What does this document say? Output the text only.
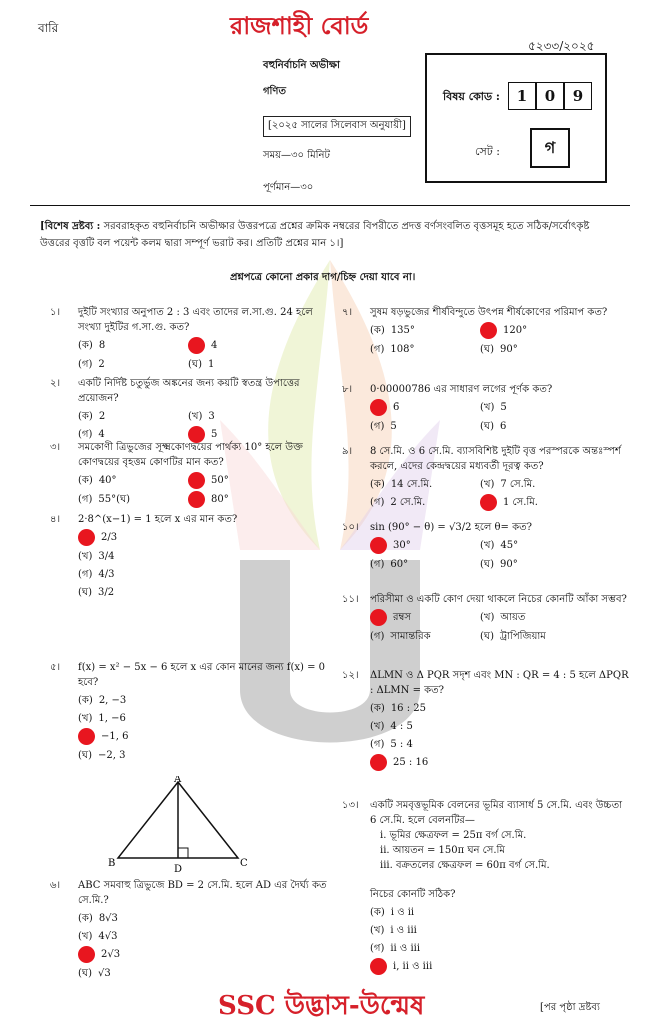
বারি	রাজশাহী বোর্ড
৫২৩৩/২০২৫
বহুনির্বাচনি অভীক্ষা
গণিত
[২০২৫ সালের সিলেবাস অনুযায়ী]
সময়—৩০ মিনিট
পূর্ণমান—৩০
বিষয় কোড :	1	0	9
সেট :	গ
[বিশেষ দ্রষ্টব্য : সরবরাহকৃত বহুনির্বাচনি অভীক্ষার উত্তরপত্রে প্রশ্নের ক্রমিক নম্বরের বিপরীতে প্রদত্ত বর্ণসংবলিত বৃত্তসমূহ হতে সঠিক/সর্বোৎকৃষ্ট উত্তরের বৃত্তটি বল পয়েন্ট কলম দ্বারা সম্পূর্ণ ভরাট কর। প্রতিটি প্রশ্নের মান ১।]
প্রশ্নপত্রে কোনো প্রকার দাগ/চিহ্ন দেয়া যাবে না।
১। দুইটি সংখ্যার অনুপাত 2 : 3 এবং তাদের ল.সা.গু. 24 হলে সংখ্যা দুইটির গ.সা.গু. কত?
(ক) 8	4
(গ) 2	(ঘ) 1
২। একটি নির্দিষ্ট চতুর্ভুজ অঙ্কনের জন্য কয়টি স্বতন্ত্র উপাত্তের প্রয়োজন?
(ক) 2	(খ) 3
(গ) 4	5
৩। সমকোণী ত্রিভুজের সূক্ষ্মকোণদ্বয়ের পার্থক্য 10° হলে উক্ত কোণদ্বয়ের বৃহত্তম কোণটির মান কত?
(ক) 40°	50°
(গ) 55°(ঘ)	80°
৪। 2·8^(x−1) = 1 হলে x এর মান কত?
2/3
(খ) 3/4
(গ) 4/3
(ঘ) 3/2
৫। f(x) = x² − 5x − 6 হলে x এর কোন মানের জন্য f(x) = 0 হবে?
(ক) 2, −3
(খ) 1, −6
−1, 6
(ঘ) −2, 3
৬। ABC সমবাহু ত্রিভুজে BD = 2 সে.মি. হলে AD এর দৈর্ঘ্য কত সে.মি.?
(ক) 8√3
(খ) 4√3
2√3
(ঘ) √3
৭। সুষম ষড়ভুজের শীর্ষবিন্দুতে উৎপন্ন শীর্ষকোণের পরিমাপ কত?
(ক) 135°	120°
(গ) 108°	(ঘ) 90°
৮। 0·00000786 এর সাধারণ লগের পূর্ণক কত?
6̄	(খ) 5̄
(গ) 5	(ঘ) 6
৯। 8 সে.মি. ও 6 সে.মি. ব্যাসবিশিষ্ট দুইটি বৃত্ত পরস্পরকে অন্তঃস্পর্শ করলে, এদের কেন্দ্রদ্বয়ের মধ্যবর্তী দূরত্ব কত?
(ক) 14 সে.মি.	(খ) 7 সে.মি.
(গ) 2 সে.মি.	1 সে.মি.
১০। sin (90° − θ) = √3/2 হলে θ= কত?
30°	(খ) 45°
(গ) 60°	(ঘ) 90°
১১। পরিসীমা ও একটি কোণ দেয়া থাকলে নিচের কোনটি আঁকা সম্ভব?
রম্বস	(খ) আয়ত
(গ) সামান্তরিক	(ঘ) ট্রাপিজিয়াম
১২। ΔLMN ও Δ PQR সদৃশ এবং MN : QR = 4 : 5 হলে ΔPQR : ΔLMN = কত?
(ক) 16 : 25
(খ) 4 : 5
(গ) 5 : 4
25 : 16
১৩। একটি সমবৃত্তভূমিক বেলনের ভূমির ব্যাসার্ধ 5 সে.মি. এবং উচ্চতা 6 সে.মি. হলে বেলনটির—
i. ভূমির ক্ষেত্রফল = 25π বর্গ সে.মি.
ii. আয়তন = 150π ঘন সে.মি
iii. বক্রতলের ক্ষেত্রফল = 60π বর্গ সে.মি.
নিচের কোনটি সঠিক?
(ক) i ও ii
(খ) i ও iii
(গ) ii ও iii
i, ii ও iii
A
B	C
D
SSC উদ্ভাস-উন্মেষ	[পর পৃষ্ঠা দ্রষ্টব্য
